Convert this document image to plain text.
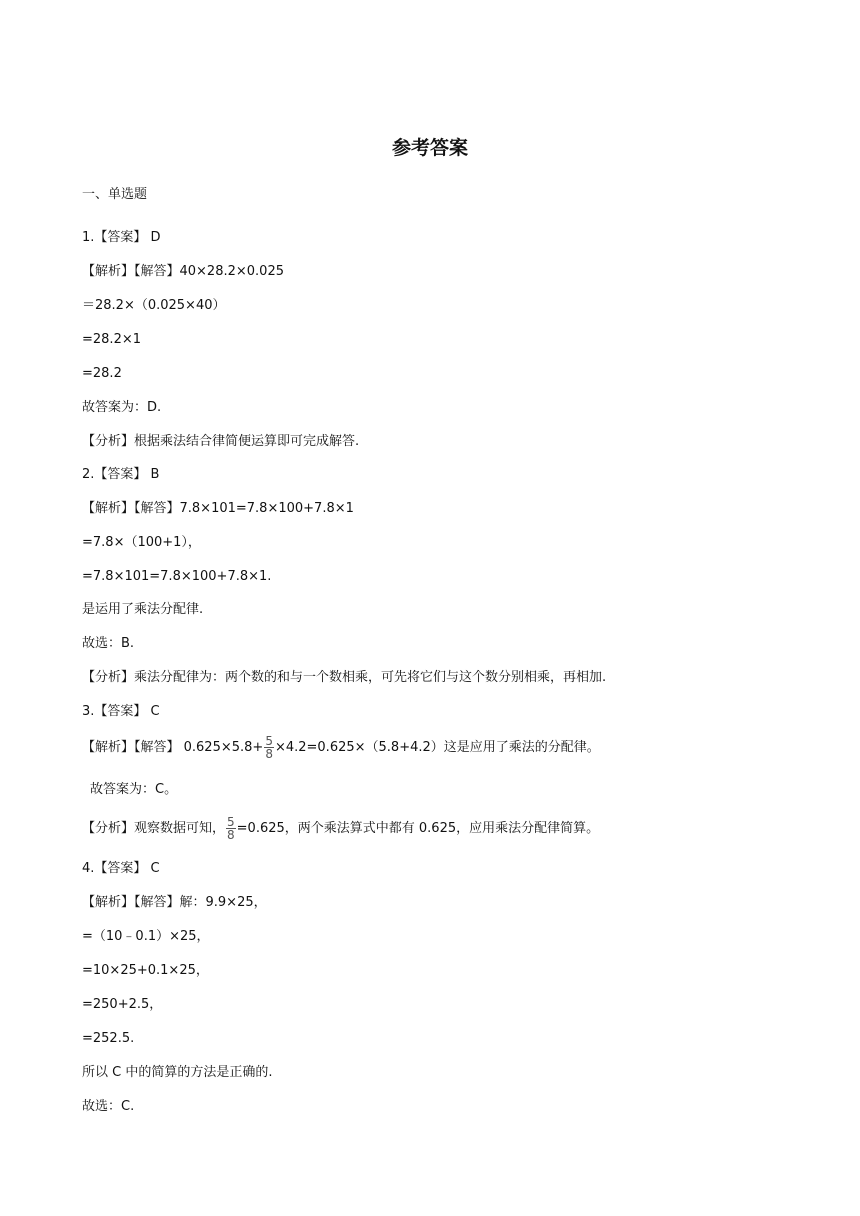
参考答案
一、单选题
1.【答案】 D
【解析】【解答】40×28.2×0.025
＝28.2×（0.025×40）
=28.2×1
=28.2
故答案为：D.
【分析】根据乘法结合律简便运算即可完成解答.
2.【答案】 B
【解析】【解答】7.8×101=7.8×100+7.8×1
=7.8×（100+1），
=7.8×101=7.8×100+7.8×1.
是运用了乘法分配律.
故选：B.
【分析】乘法分配律为：两个数的和与一个数相乘，可先将它们与这个数分别相乘，再相加.
3.【答案】 C
【解析】【解答】 $0.625\times 5.8+ \frac{5}{8} \times 4.2=0.625\times(5.8+4.2)$这是应用了乘法的分配律。
故答案为：C。
【分析】观察数据可知， $\frac{5}{8} =0.625$，两个乘法算式中都有 0.625，应用乘法分配律简算。
4.【答案】 C
【解析】【解答】解：9.9×25，
=（10﹣0.1）×25，
=10×25+0.1×25，
=250+2.5，
=252.5.
所以 C 中的简算的方法是正确的.
故选：C.
